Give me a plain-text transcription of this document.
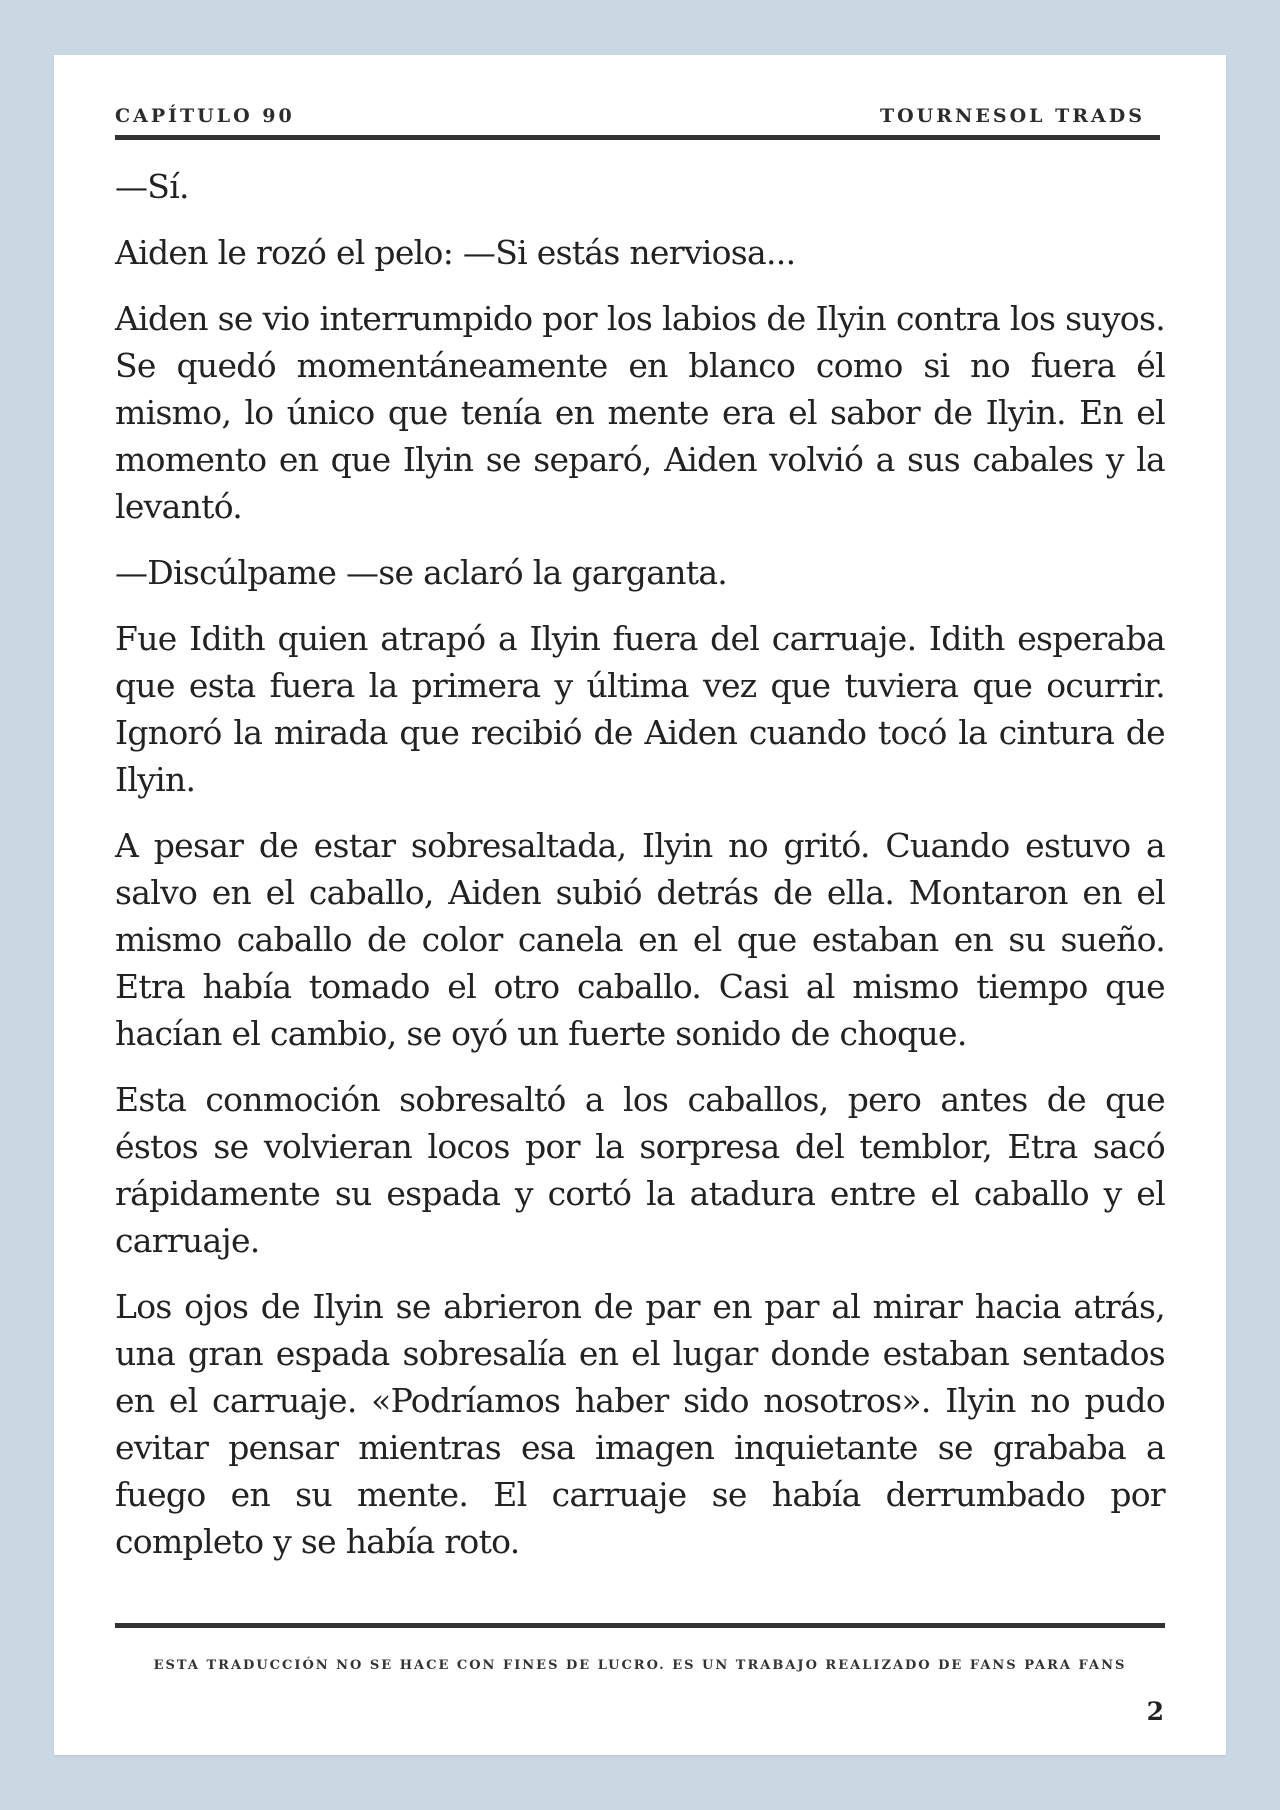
CAPÍTULO 90	TOURNESOL TRADS

—Sí.

Aiden le rozó el pelo: —Si estás nerviosa...

Aiden se vio interrumpido por los labios de Ilyin contra los suyos. Se quedó momentáneamente en blanco como si no fuera él mismo, lo único que tenía en mente era el sabor de Ilyin. En el momento en que Ilyin se separó, Aiden volvió a sus cabales y la levantó.

—Discúlpame —se aclaró la garganta.

Fue Idith quien atrapó a Ilyin fuera del carruaje. Idith esperaba que esta fuera la primera y última vez que tuviera que ocurrir. Ignoró la mirada que recibió de Aiden cuando tocó la cintura de Ilyin.

A pesar de estar sobresaltada, Ilyin no gritó. Cuando estuvo a salvo en el caballo, Aiden subió detrás de ella. Montaron en el mismo caballo de color canela en el que estaban en su sueño. Etra había tomado el otro caballo. Casi al mismo tiempo que hacían el cambio, se oyó un fuerte sonido de choque.

Esta conmoción sobresaltó a los caballos, pero antes de que éstos se volvieran locos por la sorpresa del temblor, Etra sacó rápidamente su espada y cortó la atadura entre el caballo y el carruaje.

Los ojos de Ilyin se abrieron de par en par al mirar hacia atrás, una gran espada sobresalía en el lugar donde estaban sentados en el carruaje. «Podríamos haber sido nosotros». Ilyin no pudo evitar pensar mientras esa imagen inquietante se grababa a fuego en su mente. El carruaje se había derrumbado por completo y se había roto.

ESTA TRADUCCIÓN NO SE HACE CON FINES DE LUCRO. ES UN TRABAJO REALIZADO DE FANS PARA FANS
2
